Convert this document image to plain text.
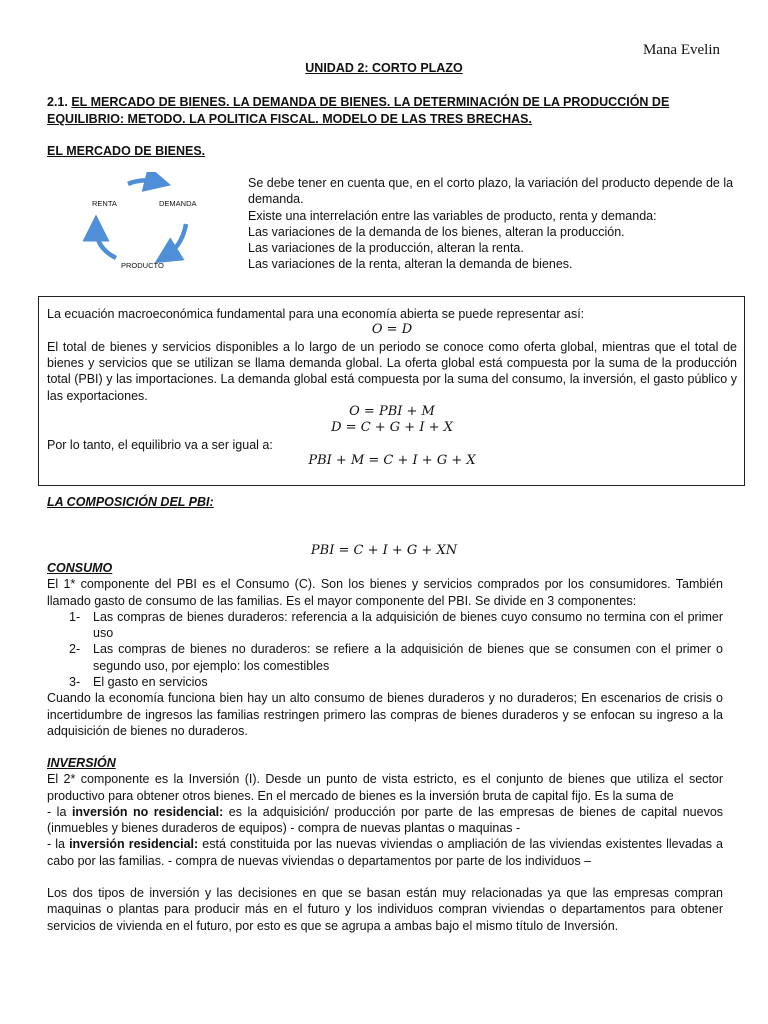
Mana Evelin
UNIDAD 2: CORTO PLAZO
2.1. EL MERCADO DE BIENES. LA DEMANDA DE BIENES. LA DETERMINACIÓN DE LA PRODUCCIÓN DE EQUILIBRIO: METODO. LA POLITICA FISCAL. MODELO DE LAS TRES BRECHAS.
EL MERCADO DE BIENES.
RENTA	DEMANDA
PRODUCTO
Se debe tener en cuenta que, en el corto plazo, la variación del producto depende de la demanda.
Existe una interrelación entre las variables de producto, renta y demanda:
Las variaciones de la demanda de los bienes, alteran la producción.
Las variaciones de la producción, alteran la renta.
Las variaciones de la renta, alteran la demanda de bienes.
La ecuación macroeconómica fundamental para una economía abierta se puede representar así:
O = D
El total de bienes y servicios disponibles a lo largo de un periodo se conoce como oferta global, mientras que el total de bienes y servicios que se utilizan se llama demanda global. La oferta global está compuesta por la suma de la producción total (PBI) y las importaciones. La demanda global está compuesta por la suma del consumo, la inversión, el gasto público y las exportaciones.
O = PBI + M
D = C + G + I + X
Por lo tanto, el equilibrio va a ser igual a:
PBI + M = C + I + G + X
LA COMPOSICIÓN DEL PBI:
PBI = C + I + G + XN
CONSUMO
El 1* componente del PBI es el Consumo (C). Son los bienes y servicios comprados por los consumidores. También llamado gasto de consumo de las familias. Es el mayor componente del PBI. Se divide en 3 componentes:
1- Las compras de bienes duraderos: referencia a la adquisición de bienes cuyo consumo no termina con el primer uso
2- Las compras de bienes no duraderos: se refiere a la adquisición de bienes que se consumen con el primer o segundo uso, por ejemplo: los comestibles
3- El gasto en servicios
Cuando la economía funciona bien hay un alto consumo de bienes duraderos y no duraderos; En escenarios de crisis o incertidumbre de ingresos las familias restringen primero las compras de bienes duraderos y se enfocan su ingreso a la adquisición de bienes no duraderos.
INVERSIÓN
El 2* componente es la Inversión (I). Desde un punto de vista estricto, es el conjunto de bienes que utiliza el sector productivo para obtener otros bienes. En el mercado de bienes es la inversión bruta de capital fijo. Es la suma de
- la inversión no residencial: es la adquisición/ producción por parte de las empresas de bienes de capital nuevos (inmuebles y bienes duraderos de equipos) - compra de nuevas plantas o maquinas -
- la inversión residencial: está constituida por las nuevas viviendas o ampliación de las viviendas existentes llevadas a cabo por las familias. - compra de nuevas viviendas o departamentos por parte de los individuos –
Los dos tipos de inversión y las decisiones en que se basan están muy relacionadas ya que las empresas compran maquinas o plantas para producir más en el futuro y los individuos compran viviendas o departamentos para obtener servicios de vivienda en el futuro, por esto es que se agrupa a ambas bajo el mismo título de Inversión.
